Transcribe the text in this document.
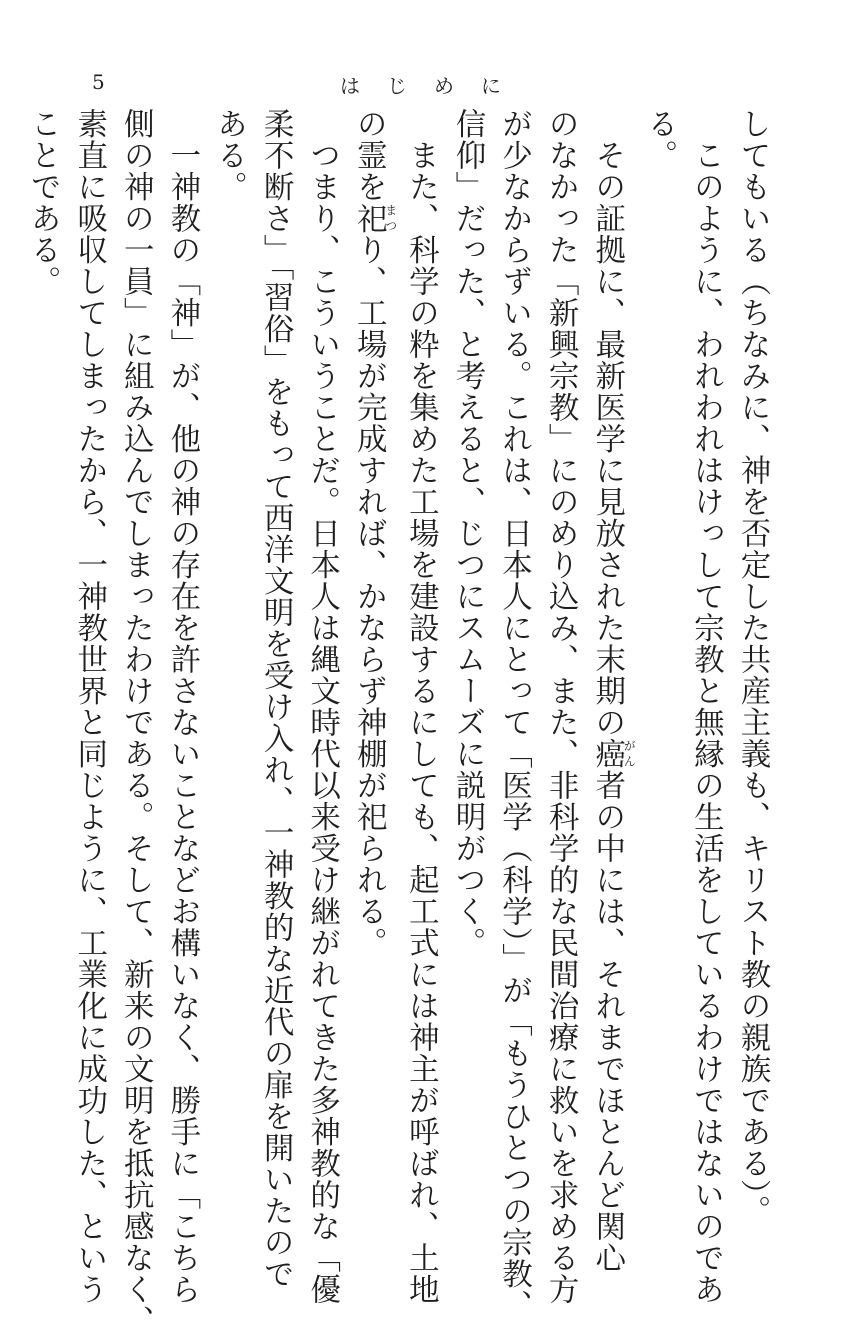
5	はじめに
してもいる（ちなみに、神を否定した共産主義も、キリスト教の親族である）。
　このように、われわれはけっして宗教と無縁の生活をしているわけではないのであ
る。
　その証拠に、最新医学に見放された末期の癌がん者の中には、それまでほとんど関心
のなかった「新興宗教」にのめり込み、また、非科学的な民間治療に救いを求める方
が少なからずいる。これは、日本人にとって「医学（科学）」が「もうひとつの宗教、
信仰」だった、と考えると、じつにスムーズに説明がつく。
　また、科学の粋を集めた工場を建設するにしても、起工式には神主が呼ばれ、土地
の霊を祀まつり、工場が完成すれば、かならず神棚が祀られる。
　つまり、こういうことだ。日本人は縄文時代以来受け継がれてきた多神教的な「優
柔不断さ」「習俗」をもって西洋文明を受け入れ、一神教的な近代の扉を開いたので
ある。
　一神教の「神」が、他の神の存在を許さないことなどお構いなく、勝手に「こちら
側の神の一員」に組み込んでしまったわけである。そして、新来の文明を抵抗感なく、
素直に吸収してしまったから、一神教世界と同じように、工業化に成功した、という
ことである。
